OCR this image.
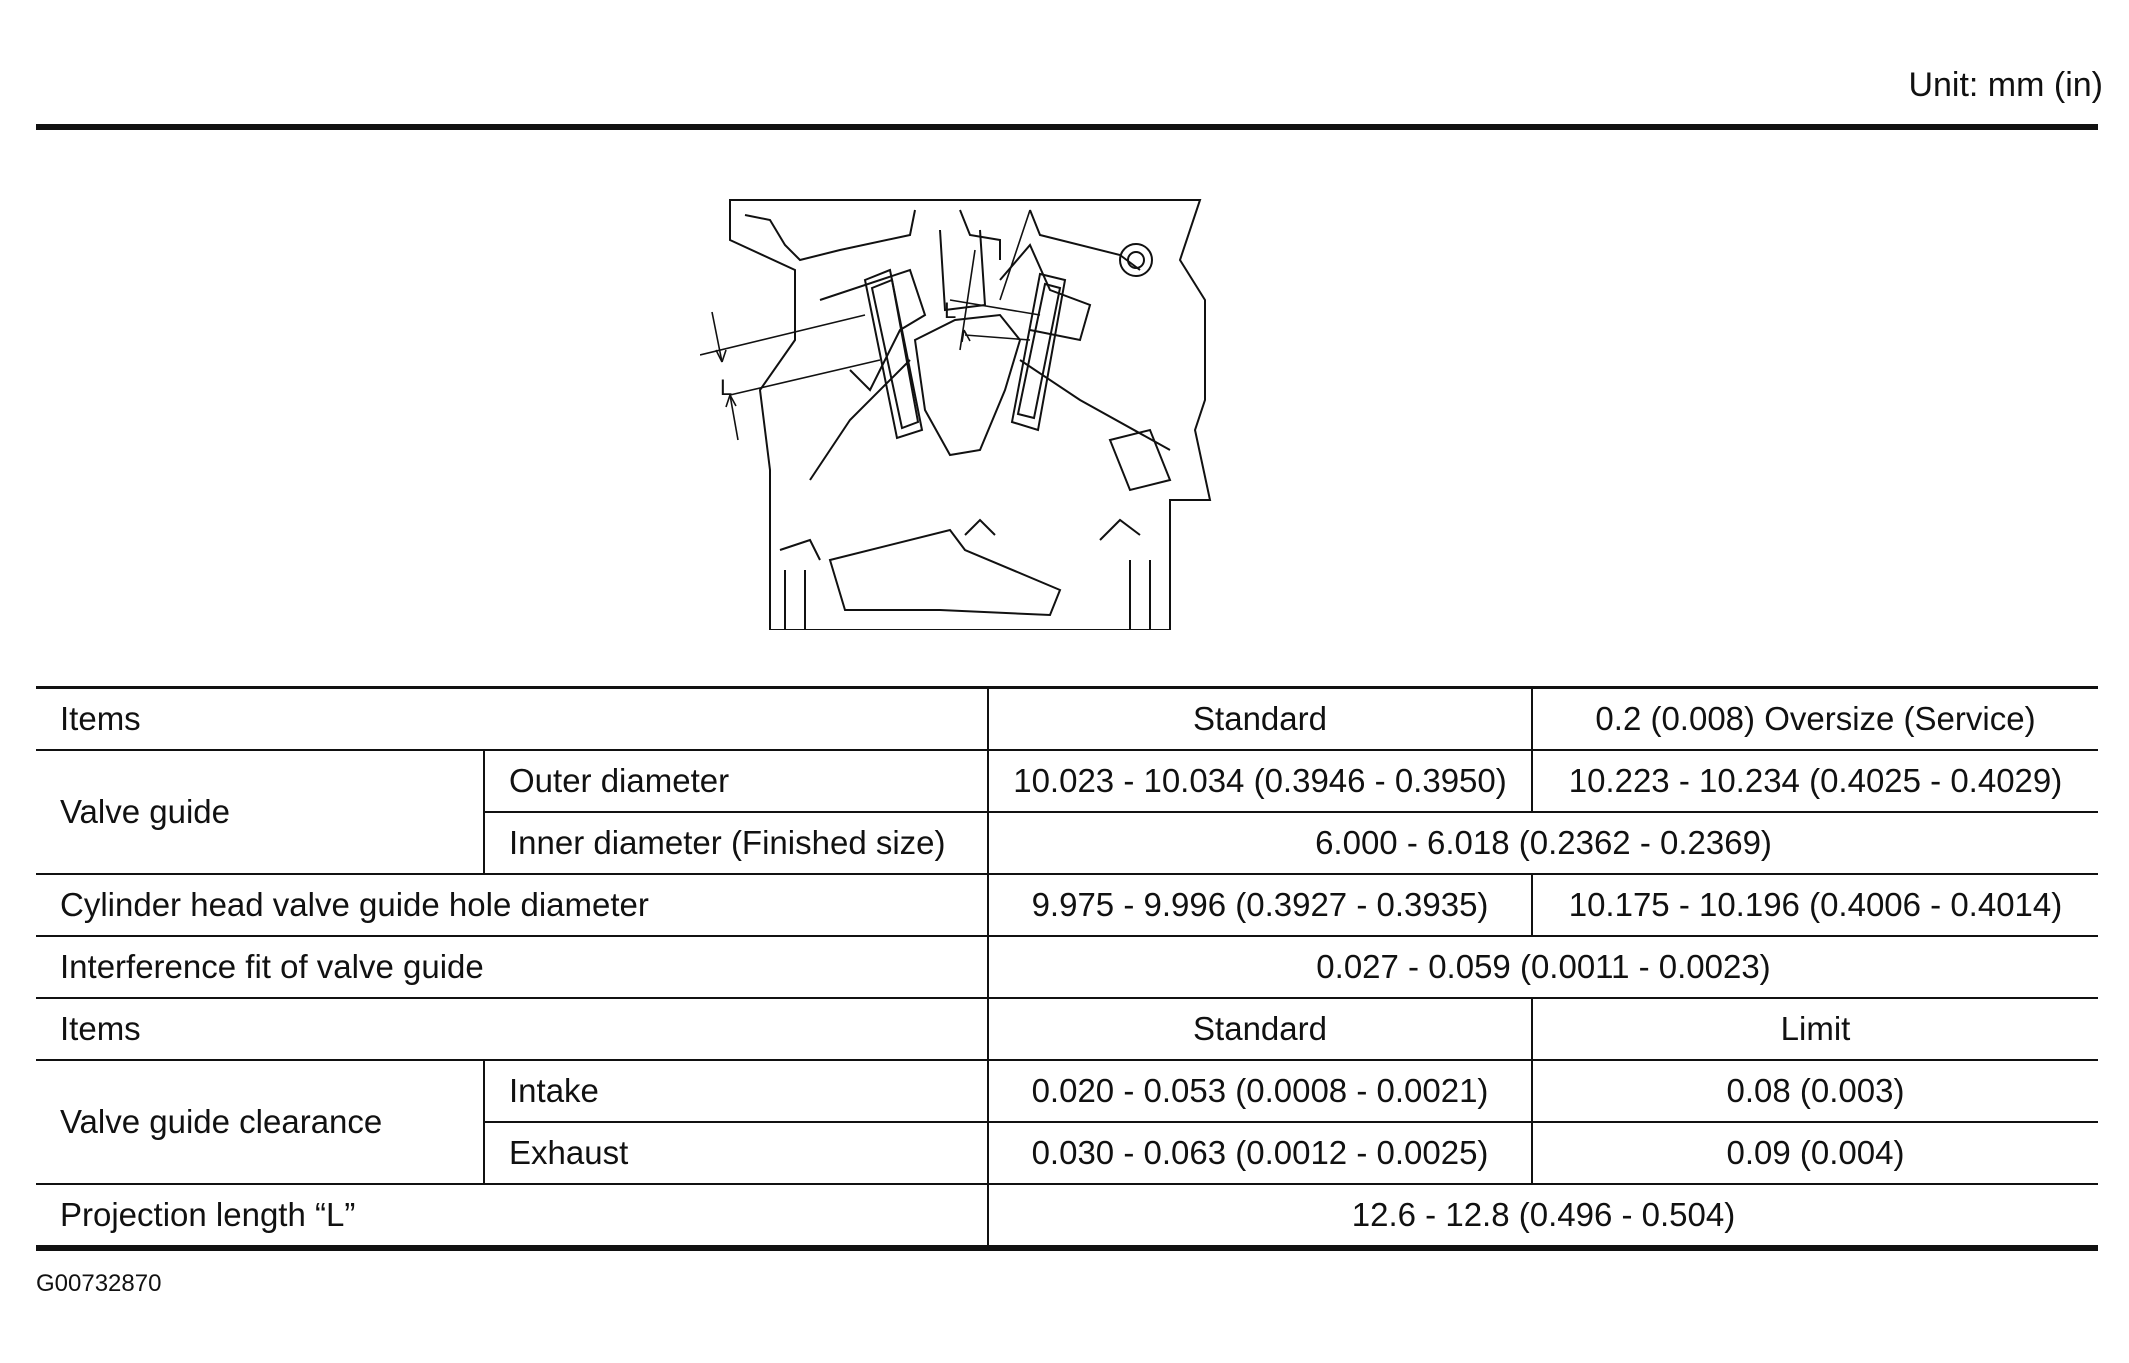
Unit: mm (in)
L
L
Items		Standard	0.2 (0.008) Oversize (Service)
Valve guide	Outer diameter	10.023 - 10.034 (0.3946 - 0.3950)	10.223 - 10.234 (0.4025 - 0.4029)
	Inner diameter (Finished size)	6.000 - 6.018 (0.2362 - 0.2369)	
Cylinder head valve guide hole diameter		9.975 - 9.996 (0.3927 - 0.3935)	10.175 - 10.196 (0.4006 - 0.4014)
Interference fit of valve guide		0.027 - 0.059 (0.0011 - 0.0023)	
Items		Standard	Limit
Valve guide clearance	Intake	0.020 - 0.053 (0.0008 - 0.0021)	0.08 (0.003)
	Exhaust	0.030 - 0.063 (0.0012 - 0.0025)	0.09 (0.004)
Projection length “L”		12.6 - 12.8 (0.496 - 0.504)	
G00732870
